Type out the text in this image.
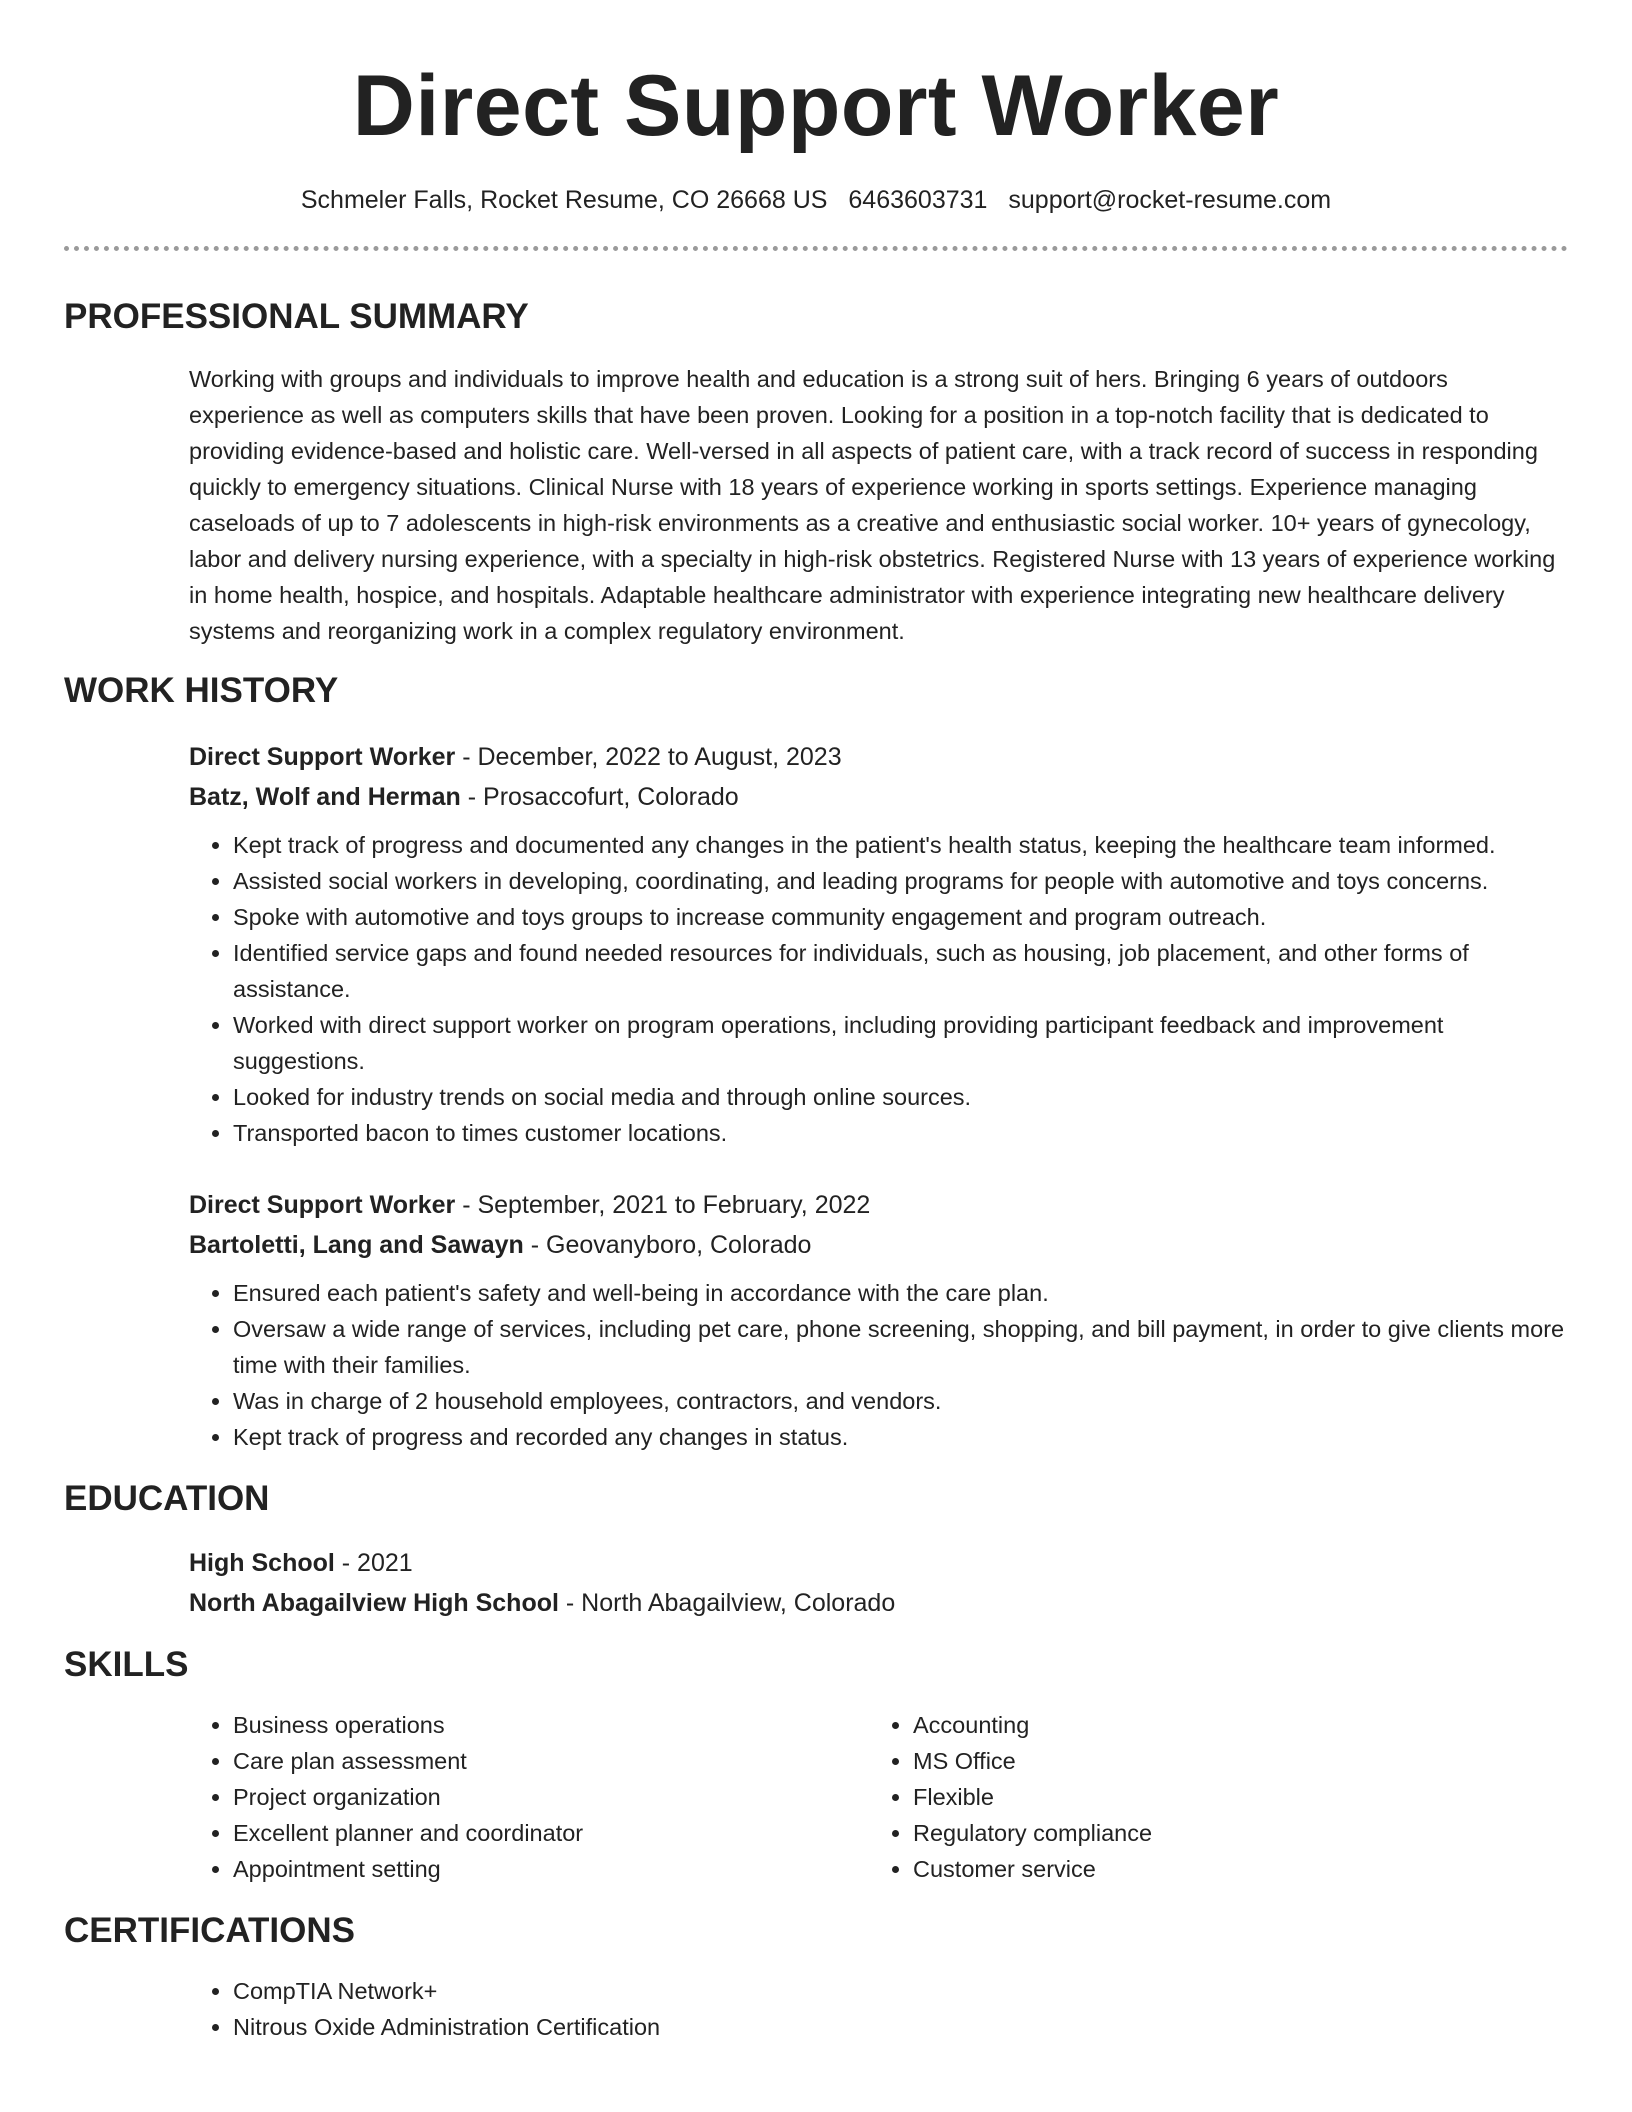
Direct Support Worker
Schmeler Falls, Rocket Resume, CO 26668 US 6463603731 support@rocket-resume.com
PROFESSIONAL SUMMARY
Working with groups and individuals to improve health and education is a strong suit of hers. Bringing 6 years of outdoors experience as well as computers skills that have been proven. Looking for a position in a top-notch facility that is dedicated to providing evidence-based and holistic care. Well-versed in all aspects of patient care, with a track record of success in responding quickly to emergency situations. Clinical Nurse with 18 years of experience working in sports settings. Experience managing caseloads of up to 7 adolescents in high-risk environments as a creative and enthusiastic social worker. 10+ years of gynecology, labor and delivery nursing experience, with a specialty in high-risk obstetrics. Registered Nurse with 13 years of experience working in home health, hospice, and hospitals. Adaptable healthcare administrator with experience integrating new healthcare delivery systems and reorganizing work in a complex regulatory environment.
WORK HISTORY
Direct Support Worker - December, 2022 to August, 2023
Batz, Wolf and Herman - Prosaccofurt, Colorado
• Kept track of progress and documented any changes in the patient's health status, keeping the healthcare team informed.
• Assisted social workers in developing, coordinating, and leading programs for people with automotive and toys concerns.
• Spoke with automotive and toys groups to increase community engagement and program outreach.
• Identified service gaps and found needed resources for individuals, such as housing, job placement, and other forms of assistance.
• Worked with direct support worker on program operations, including providing participant feedback and improvement suggestions.
• Looked for industry trends on social media and through online sources.
• Transported bacon to times customer locations.
Direct Support Worker - September, 2021 to February, 2022
Bartoletti, Lang and Sawayn - Geovanyboro, Colorado
• Ensured each patient's safety and well-being in accordance with the care plan.
• Oversaw a wide range of services, including pet care, phone screening, shopping, and bill payment, in order to give clients more time with their families.
• Was in charge of 2 household employees, contractors, and vendors.
• Kept track of progress and recorded any changes in status.
EDUCATION
High School - 2021
North Abagailview High School - North Abagailview, Colorado
SKILLS
• Business operations
• Care plan assessment
• Project organization
• Excellent planner and coordinator
• Appointment setting
• Accounting
• MS Office
• Flexible
• Regulatory compliance
• Customer service
CERTIFICATIONS
• CompTIA Network+
• Nitrous Oxide Administration Certification
